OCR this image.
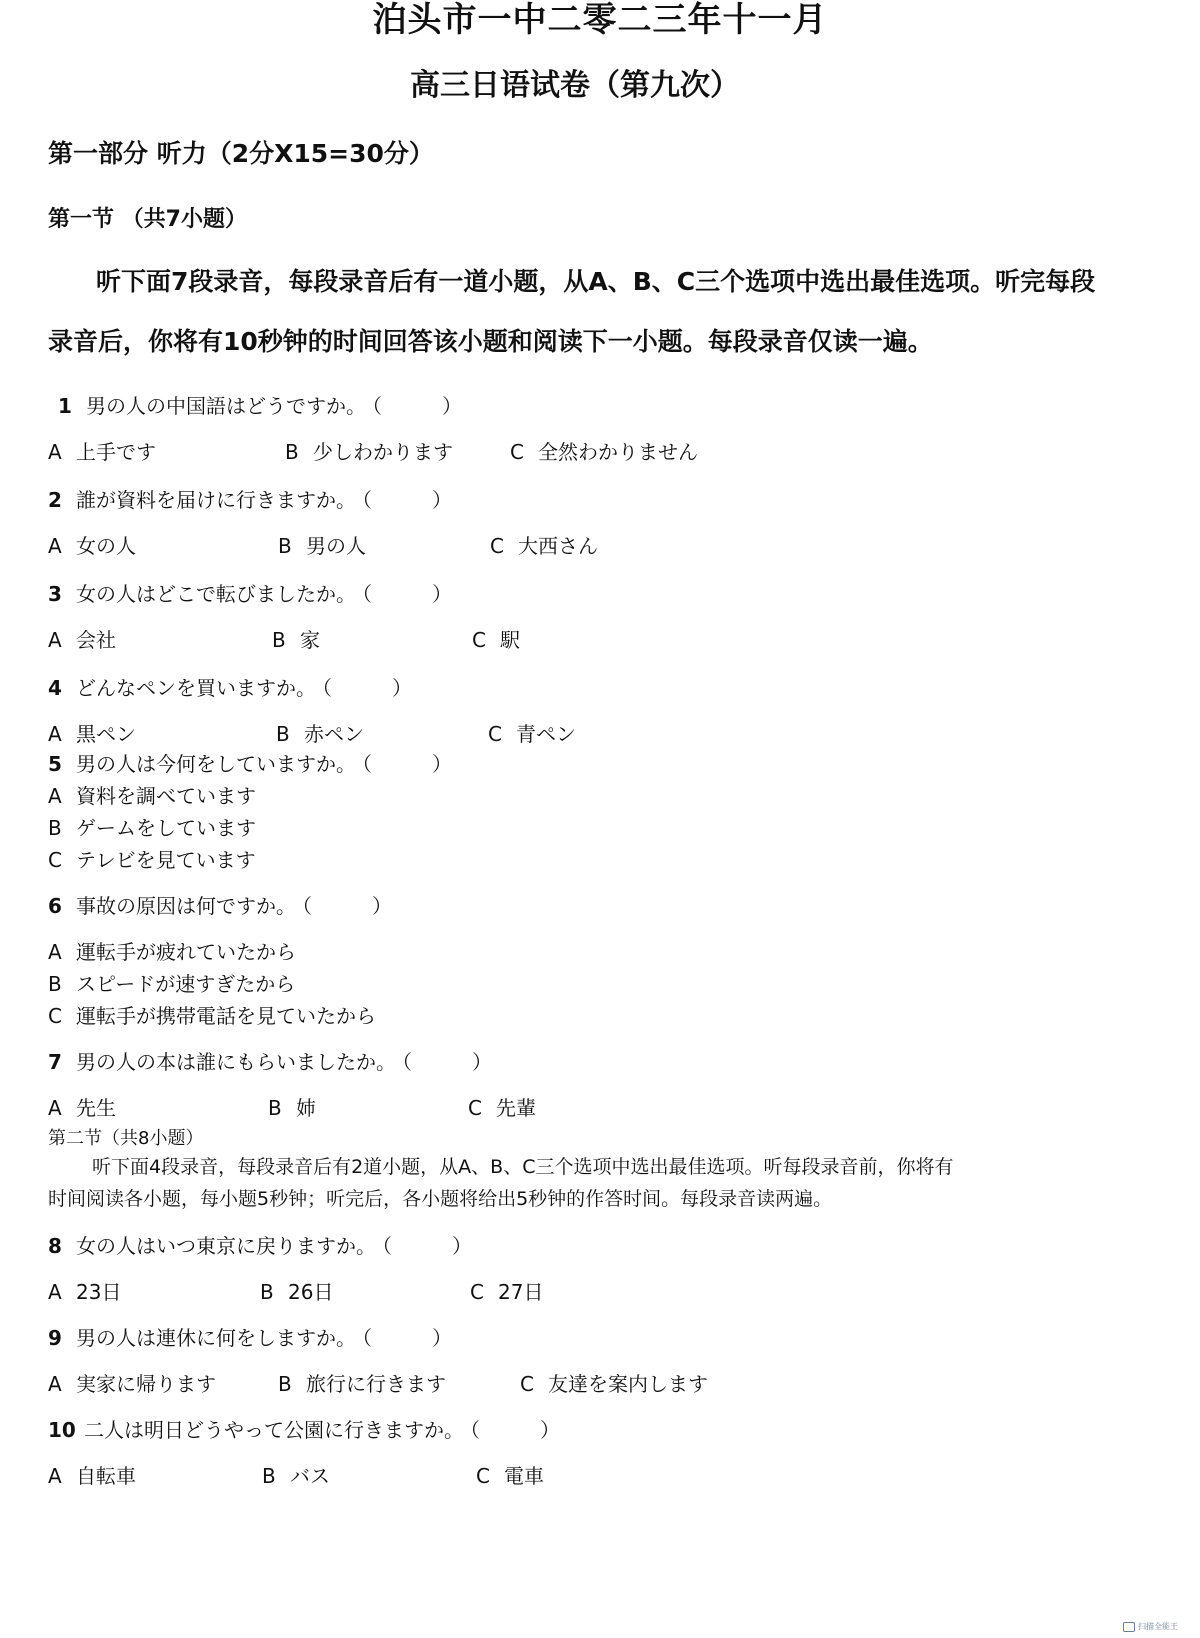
泊头市一中二零二三年十一月
高三日语试卷（第九次）
第一部分 听力（2分X15=30分）
第一节 （共7小题）
听下面7段录音，每段录音后有一道小题，从A、B、C三个选项中选出最佳选项。听完每段
录音后，你将有10秒钟的时间回答该小题和阅读下一小题。每段录音仅读一遍。
1 男の人の中国語はどうですか。 （　　　）
A 上手です	B 少しわかります	C 全然わかりません
2 誰が資料を届けに行きますか。 （　　　）
A 女の人	B 男の人	C 大西さん
3 女の人はどこで転びましたか。 （　　　）
A 会社	B 家	C 駅
4 どんなペンを買いますか。 （　　　）
A 黒ペン	B 赤ペン	C 青ペン
5 男の人は今何をしていますか。 （　　　）
A 資料を調べています
B ゲームをしています
C テレビを見ています
6 事故の原因は何ですか。 （　　　）
A 運転手が疲れていたから
B スピードが速すぎたから
C 運転手が携帯電話を見ていたから
7 男の人の本は誰にもらいましたか。 （　　　）
A 先生	B 姉	C 先輩
第二节（共8小题）
听下面4段录音，每段录音后有2道小题，从A、B、C三个选项中选出最佳选项。听每段录音前，你将有
时间阅读各小题，每小题5秒钟；听完后，各小题将给出5秒钟的作答时间。每段录音读两遍。
8 女の人はいつ東京に戻りますか。 （　　　）
A 23日	B 26日	C 27日
9 男の人は連休に何をしますか。 （　　　）
A 実家に帰ります	B 旅行に行きます	C 友達を案内します
10 二人は明日どうやって公園に行きますか。 （　　　）
A 自転車	B バス	C 電車
扫描全能王
